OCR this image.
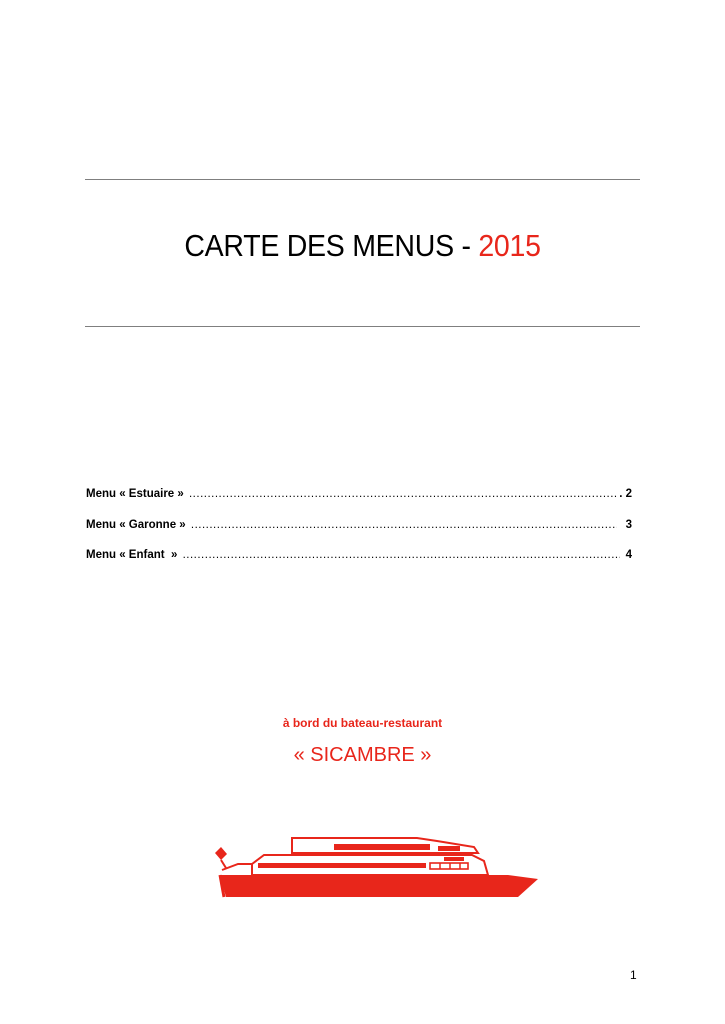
CARTE DES MENUS - 2015
Menu « Estuaire » .....	. 2
Menu « Garonne » .....	3
Menu « Enfant  » .....	4
à bord du bateau-restaurant
« SICAMBRE »
1
